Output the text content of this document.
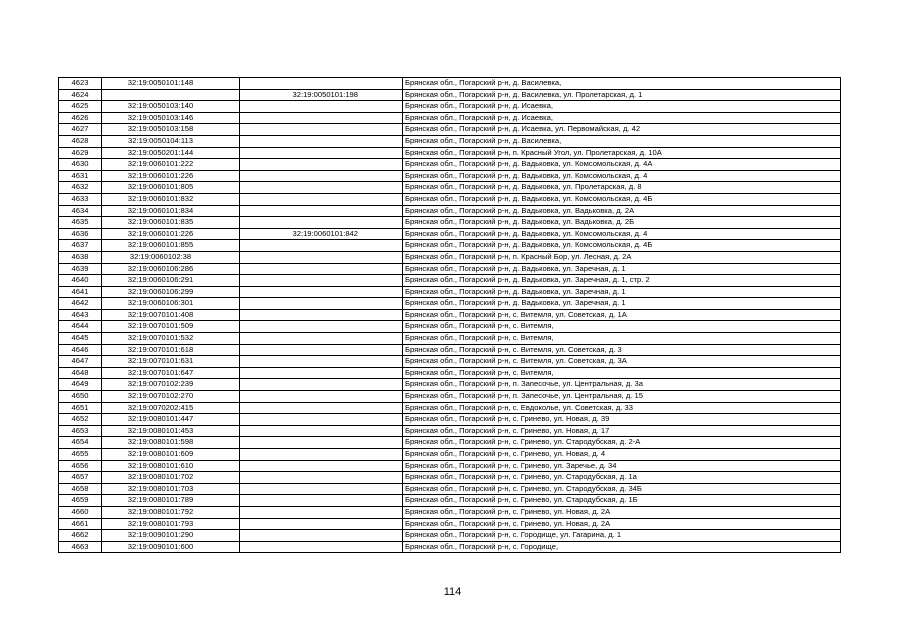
4623	32:19:0050101:148		Брянская обл., Погарский р-н, д. Василевка,
4624		32:19:0050101:198	Брянская обл., Погарский р-н, д. Василевка, ул. Пролетарская, д. 1
4625	32:19:0050103:140		Брянская обл., Погарский р-н, д. Исаевка,
4626	32:19:0050103:146		Брянская обл., Погарский р-н, д. Исаевка,
4627	32:19:0050103:158		Брянская обл., Погарский р-н, д. Исаевка, ул. Первомайская, д. 42
4628	32:19:0050104:113		Брянская обл., Погарский р-н, д. Василевка,
4629	32:19:0050201:144		Брянская обл., Погарский р-н, п. Красный Угол, ул. Пролетарская, д. 10А
4630	32:19:0060101:222		Брянская обл., Погарский р-н, д. Вадьковка, ул. Комсомольская, д. 4А
4631	32:19:0060101:226		Брянская обл., Погарский р-н, д. Вадьковка, ул. Комсомольская, д. 4
4632	32:19:0060101:805		Брянская обл., Погарский р-н, д. Вадьковка, ул. Пролетарская, д. 8
4633	32:19:0060101:832		Брянская обл., Погарский р-н, д. Вадьковка, ул. Комсомольская, д. 4Б
4634	32:19:0060101:834		Брянская обл., Погарский р-н, д. Вадьковка, ул. Вадьковка, д. 2А
4635	32:19:0060101:835		Брянская обл., Погарский р-н, д. Вадьковка, ул. Вадьковка, д. 2Б
4636	32:19:0060101:226	32:19:0060101:842	Брянская обл., Погарский р-н, д. Вадьковка, ул. Комсомольская, д. 4
4637	32:19:0060101:855		Брянская обл., Погарский р-н, д. Вадьковка, ул. Комсомольская, д. 4Б
4638	32:19:0060102:38		Брянская обл., Погарский р-н, п. Красный Бор, ул. Лесная, д. 2А
4639	32:19:0060106:286		Брянская обл., Погарский р-н, д. Вадьковка, ул. Заречная, д. 1
4640	32:19:0060106:291		Брянская обл., Погарский р-н, д. Вадьковка, ул. Заречная, д. 1, стр. 2
4641	32:19:0060106:299		Брянская обл., Погарский р-н, д. Вадьковка, ул. Заречная, д. 1
4642	32:19:0060106:301		Брянская обл., Погарский р-н, д. Вадьковка, ул. Заречная, д. 1
4643	32:19:0070101:408		Брянская обл., Погарский р-н, с. Витемля, ул. Советская, д. 1А
4644	32:19:0070101:509		Брянская обл., Погарский р-н, с. Витемля,
4645	32:19:0070101:532		Брянская обл., Погарский р-н, с. Витемля,
4646	32:19:0070101:618		Брянская обл., Погарский р-н, с. Витемля, ул. Советская, д. 3
4647	32:19:0070101:631		Брянская обл., Погарский р-н, с. Витемля, ул. Советская, д. 3А
4648	32:19:0070101:647		Брянская обл., Погарский р-н, с. Витемля,
4649	32:19:0070102:239		Брянская обл., Погарский р-н, п. Запесочье, ул. Центральная, д. 3а
4650	32:19:0070102:270		Брянская обл., Погарский р-н, п. Запесочье, ул. Центральная, д. 15
4651	32:19:0070202:415		Брянская обл., Погарский р-н, с. Евдоколье, ул. Советская, д. 33
4652	32:19:0080101:447		Брянская обл., Погарский р-н, с. Гринево, ул. Новая, д. 39
4653	32:19:0080101:453		Брянская обл., Погарский р-н, с. Гринево, ул. Новая, д. 17
4654	32:19:0080101:598		Брянская обл., Погарский р-н, с. Гринево, ул. Стародубская, д. 2-А
4655	32:19:0080101:609		Брянская обл., Погарский р-н, с. Гринево, ул. Новая, д. 4
4656	32:19:0080101:610		Брянская обл., Погарский р-н, с. Гринево, ул. Заречье, д. 34
4657	32:19:0080101:702		Брянская обл., Погарский р-н, с. Гринево, ул. Стародубская, д. 1а
4658	32:19:0080101:703		Брянская обл., Погарский р-н, с. Гринево, ул. Стародубская, д. 34Б
4659	32:19:0080101:789		Брянская обл., Погарский р-н, с. Гринево, ул. Стародубская, д. 1Б
4660	32:19:0080101:792		Брянская обл., Погарский р-н, с. Гринево, ул. Новая, д. 2А
4661	32:19:0080101:793		Брянская обл., Погарский р-н, с. Гринево, ул. Новая, д. 2А
4662	32:19:0090101:290		Брянская обл., Погарский р-н, с. Городище, ул. Гагарина, д. 1
4663	32:19:0090101:600		Брянская обл., Погарский р-н, с. Городище,
114
